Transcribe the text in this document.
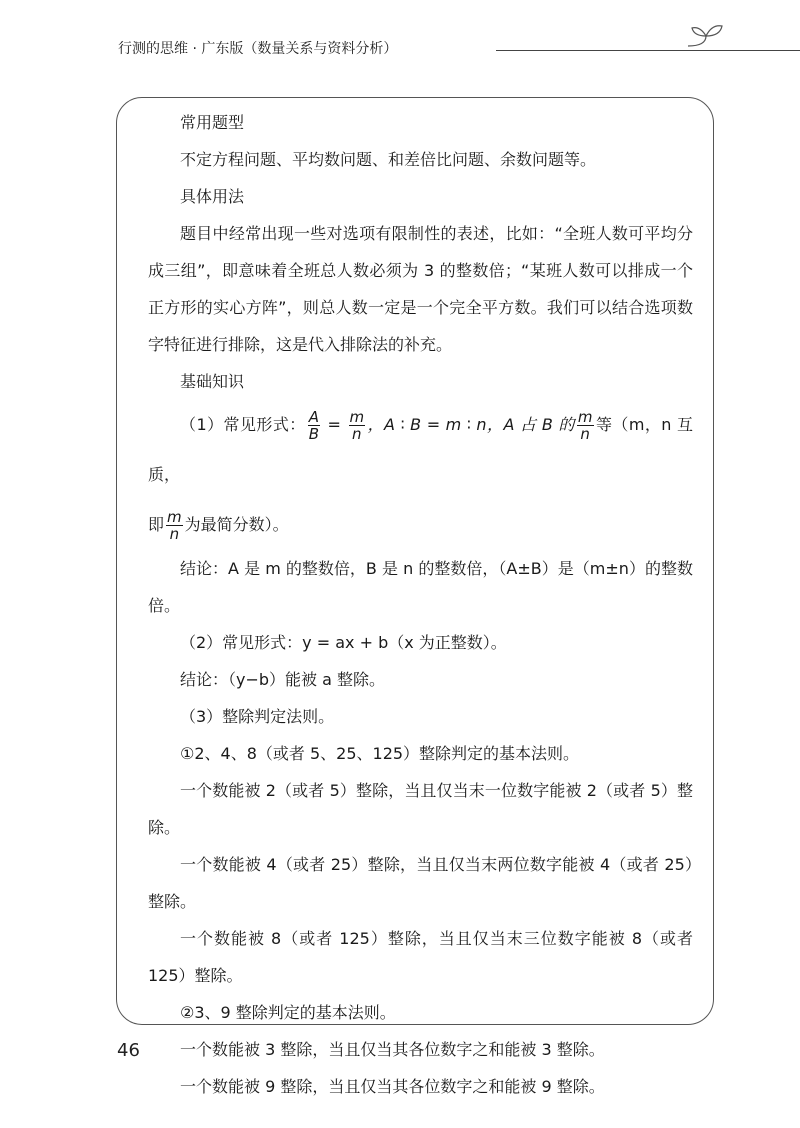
行测的思维 · 广东版（数量关系与资料分析）

常用题型

不定方程问题、平均数问题、和差倍比问题、余数问题等。

具体用法

题目中经常出现一些对选项有限制性的表述，比如：“全班人数可平均分成三组”，即意味着全班总人数必须为 3 的整数倍；“某班人数可以排成一个正方形的实心方阵”，则总人数一定是一个完全平方数。我们可以结合选项数字特征进行排除，这是代入排除法的补充。

基础知识

（1）常见形式： $\frac{A}{B} = \frac{m}{n}$ ，A ∶ B = m ∶ n，A 占 B 的 $\frac{m}{n}$ 等（m，n 互质，

即 $\frac{m}{n}$ 为最简分数）。

结论：A 是 m 的整数倍，B 是 n 的整数倍，（A±B）是（m±n）的整数倍。

（2）常见形式：y = ax + b（x 为正整数）。

结论：（y−b）能被 a 整除。

（3）整除判定法则。

①2、4、8（或者 5、25、125）整除判定的基本法则。

一个数能被 2（或者 5）整除，当且仅当末一位数字能被 2（或者 5）整除。

一个数能被 4（或者 25）整除，当且仅当末两位数字能被 4（或者 25）整除。

一个数能被 8（或者 125）整除，当且仅当末三位数字能被 8（或者 125）整除。

②3、9 整除判定的基本法则。

一个数能被 3 整除，当且仅当其各位数字之和能被 3 整除。

一个数能被 9 整除，当且仅当其各位数字之和能被 9 整除。

46
